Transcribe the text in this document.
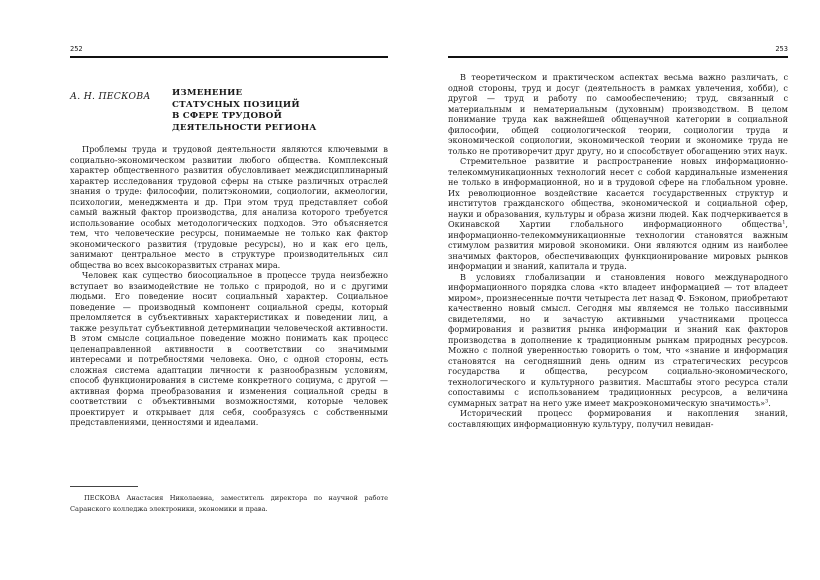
252
А. Н. ПЕСКОВА ИЗМЕНЕНИЕ
СТАТУСНЫХ ПОЗИЦИЙ
В СФЕРЕ ТРУДОВОЙ
ДЕЯТЕЛЬНОСТИ РЕГИОНА

Проблемы труда и трудовой деятельности являются ключевыми в социально-экономическом развитии любого общества. Комплексный характер общественного развития обусловливает междисциплинарный характер исследования трудовой сферы на стыке различных отраслей знания о труде: философии, политэкономии, социологии, акмеологии, психологии, менеджмента и др. При этом труд представляет собой самый важный фактор производства, для анализа которого требуется использование особых методологических подходов. Это объясняется тем, что человеческие ресурсы, понимаемые не только как фактор экономического развития (трудовые ресурсы), но и как его цель, занимают центральное место в структуре производительных сил общества во всех высокоразвитых странах мира.

Человек как существо биосоциальное в процессе труда неизбежно вступает во взаимодействие не только с природой, но и с другими людьми. Его поведение носит социальный характер. Социальное поведение — производный компонент социальной среды, который преломляется в субъективных характеристиках и поведении лиц, а также результат субъективной детерминации человеческой активности. В этом смысле социальное поведение можно понимать как процесс целенаправленной активности в соответствии со значимыми интересами и потребностями человека. Оно, с одной стороны, есть сложная система адаптации личности к разнообразным условиям, способ функционирования в системе конкретного социума, с другой — активная форма преобразования и изменения социальной среды в соответствии с объективными возможностями, которые человек проектирует и открывает для себя, сообразуясь с собственными представлениями, ценностями и идеалами.

ПЕСКОВА Анастасия Николаевна, заместитель директора по научной работе Саранского колледжа электроники, экономики и права.
253

В теоретическом и практическом аспектах весьма важно различать, с одной стороны, труд и досуг (деятельность в рамках увлечения, хобби), с другой — труд и работу по самообеспечению; труд, связанный с материальным и нематериальным (духовным) производством. В целом понимание труда как важнейшей общенаучной категории в социальной философии, общей социологической теории, социологии труда и экономической социологии, экономической теории и экономике труда не только не противоречит друг другу, но и способствует обогащению этих наук.

Стремительное развитие и распространение новых информационно-телекоммуникационных технологий несет с собой кардинальные изменения не только в информационной, но и в трудовой сфере на глобальном уровне. Их революционное воздействие касается государственных структур и институтов гражданского общества, экономической и социальной сфер, науки и образования, культуры и образа жизни людей. Как подчеркивается в Окинавской Хартии глобального информационного общества$^1$, информационно-телекоммуникационные технологии становятся важным стимулом развития мировой экономики. Они являются одним из наиболее значимых факторов, обеспечивающих функционирование мировых рынков информации и знаний, капитала и труда.

В условиях глобализации и становления нового международного информационного порядка слова «кто владеет информацией — тот владеет миром», произнесенные почти четыреста лет назад Ф. Бэконом, приобретают качественно новый смысл. Сегодня мы являемся не только пассивными свидетелями, но и зачастую активными участниками процесса формирования и развития рынка информации и знаний как факторов производства в дополнение к традиционным рынкам природных ресурсов. Можно с полной уверенностью говорить о том, что «знание и информация становятся на сегодняшний день одним из стратегических ресурсов государства и общества, ресурсом социально-экономического, технологического и культурного развития. Масштабы этого ресурса стали сопоставимы с использованием традиционных ресурсов, а величина суммарных затрат на него уже имеет макроэкономическую значимость»$^3$.

Исторический процесс формирования и накопления знаний, составляющих информационную культуру, получил невидан-
